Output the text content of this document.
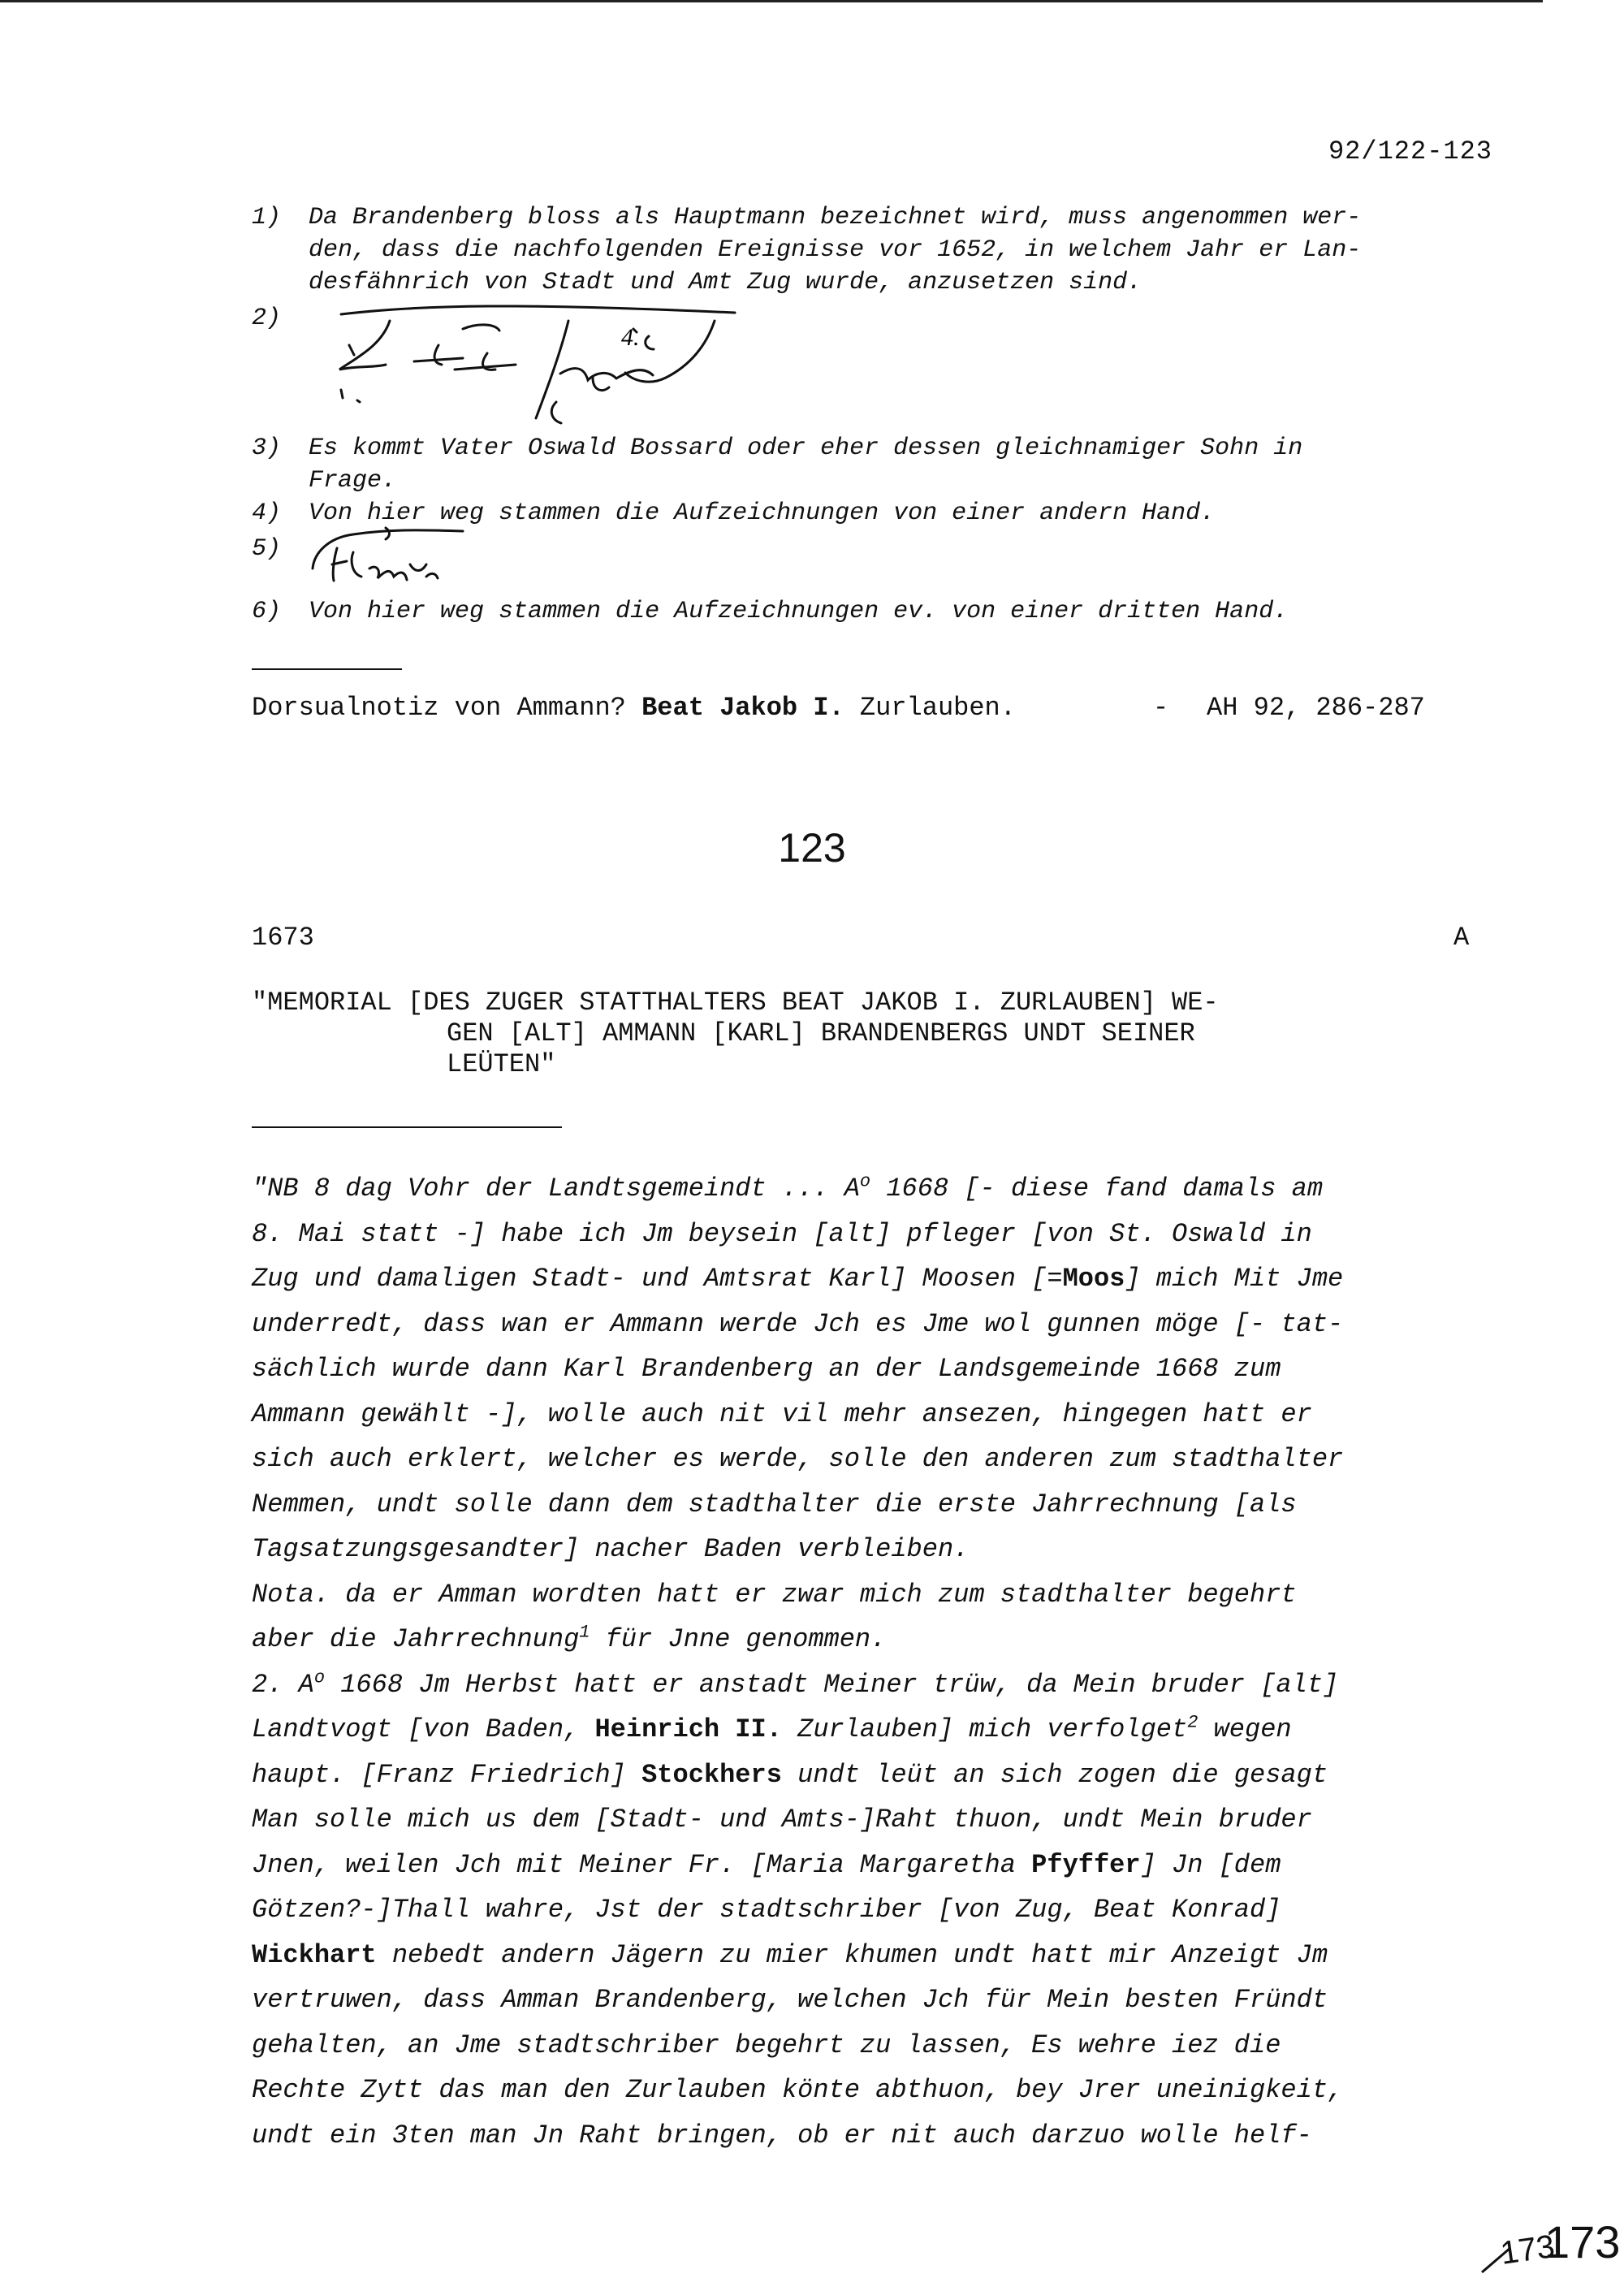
92/122-123
1) Da Brandenberg bloss als Hauptmann bezeichnet wird, muss angenommen wer-
den, dass die nachfolgenden Ereignisse vor 1652, in welchem Jahr er Lan-
desfähnrich von Stadt und Amt Zug wurde, anzusetzen sind.
2)
4.
3) Es kommt Vater Oswald Bossard oder eher dessen gleichnamiger Sohn in
Frage.
4) Von hier weg stammen die Aufzeichnungen von einer andern Hand.
5)
6) Von hier weg stammen die Aufzeichnungen ev. von einer dritten Hand.
Dorsualnotiz von Ammann? Beat Jakob I. Zurlauben.	- AH 92, 286-287
123
1673	A
"MEMORIAL [DES ZUGER STATTHALTERS BEAT JAKOB I. ZURLAUBEN] WE-
GEN [ALT] AMMANN [KARL] BRANDENBERGS UNDT SEINER
LEÜTEN"
"NB 8 dag Vohr der Landtsgemeindt ... $A^o$ 1668 [- diese fand damals am
8. Mai statt -] habe ich Jm beysein [alt] pfleger [von St. Oswald in
Zug und damaligen Stadt- und Amtsrat Karl] Moosen [=Moos] mich Mit Jme
underredt, dass wan er Ammann werde Jch es Jme wol gunnen möge [- tat-
sächlich wurde dann Karl Brandenberg an der Landsgemeinde 1668 zum
Ammann gewählt -], wolle auch nit vil mehr ansezen, hingegen hatt er
sich auch erklert, welcher es werde, solle den anderen zum stadthalter
Nemmen, undt solle dann dem stadthalter die erste Jahrrechnung [als
Tagsatzungsgesandter] nacher Baden verbleiben.
Nota. da er Amman wordten hatt er zwar mich zum stadthalter begehrt
aber die Jahrrechnung$^1$ für Jnne genommen.
2. $A^o$ 1668 Jm Herbst hatt er anstadt Meiner trüw, da Mein bruder [alt]
Landtvogt [von Baden, Heinrich II. Zurlauben] mich verfolget$^2$ wegen
haupt. [Franz Friedrich] Stockhers undt leüt an sich zogen die gesagt
Man solle mich us dem [Stadt- und Amts-]Raht thuon, undt Mein bruder
Jnen, weilen Jch mit Meiner Fr. [Maria Margaretha Pfyffer] Jn [dem
Götzen?-]Thall wahre, Jst der stadtschriber [von Zug, Beat Konrad]
Wickhart nebedt andern Jägern zu mier khumen undt hatt mir Anzeigt Jm
vertruwen, dass Amman Brandenberg, welchen Jch für Mein besten Fründt
gehalten, an Jme stadtschriber begehrt zu lassen, Es wehre iez die
Rechte Zytt das man den Zurlauben könte abthuon, bey Jrer uneinigkeit,
undt ein 3ten man Jn Raht bringen, ob er nit auch darzuo wolle helf-
173
173
